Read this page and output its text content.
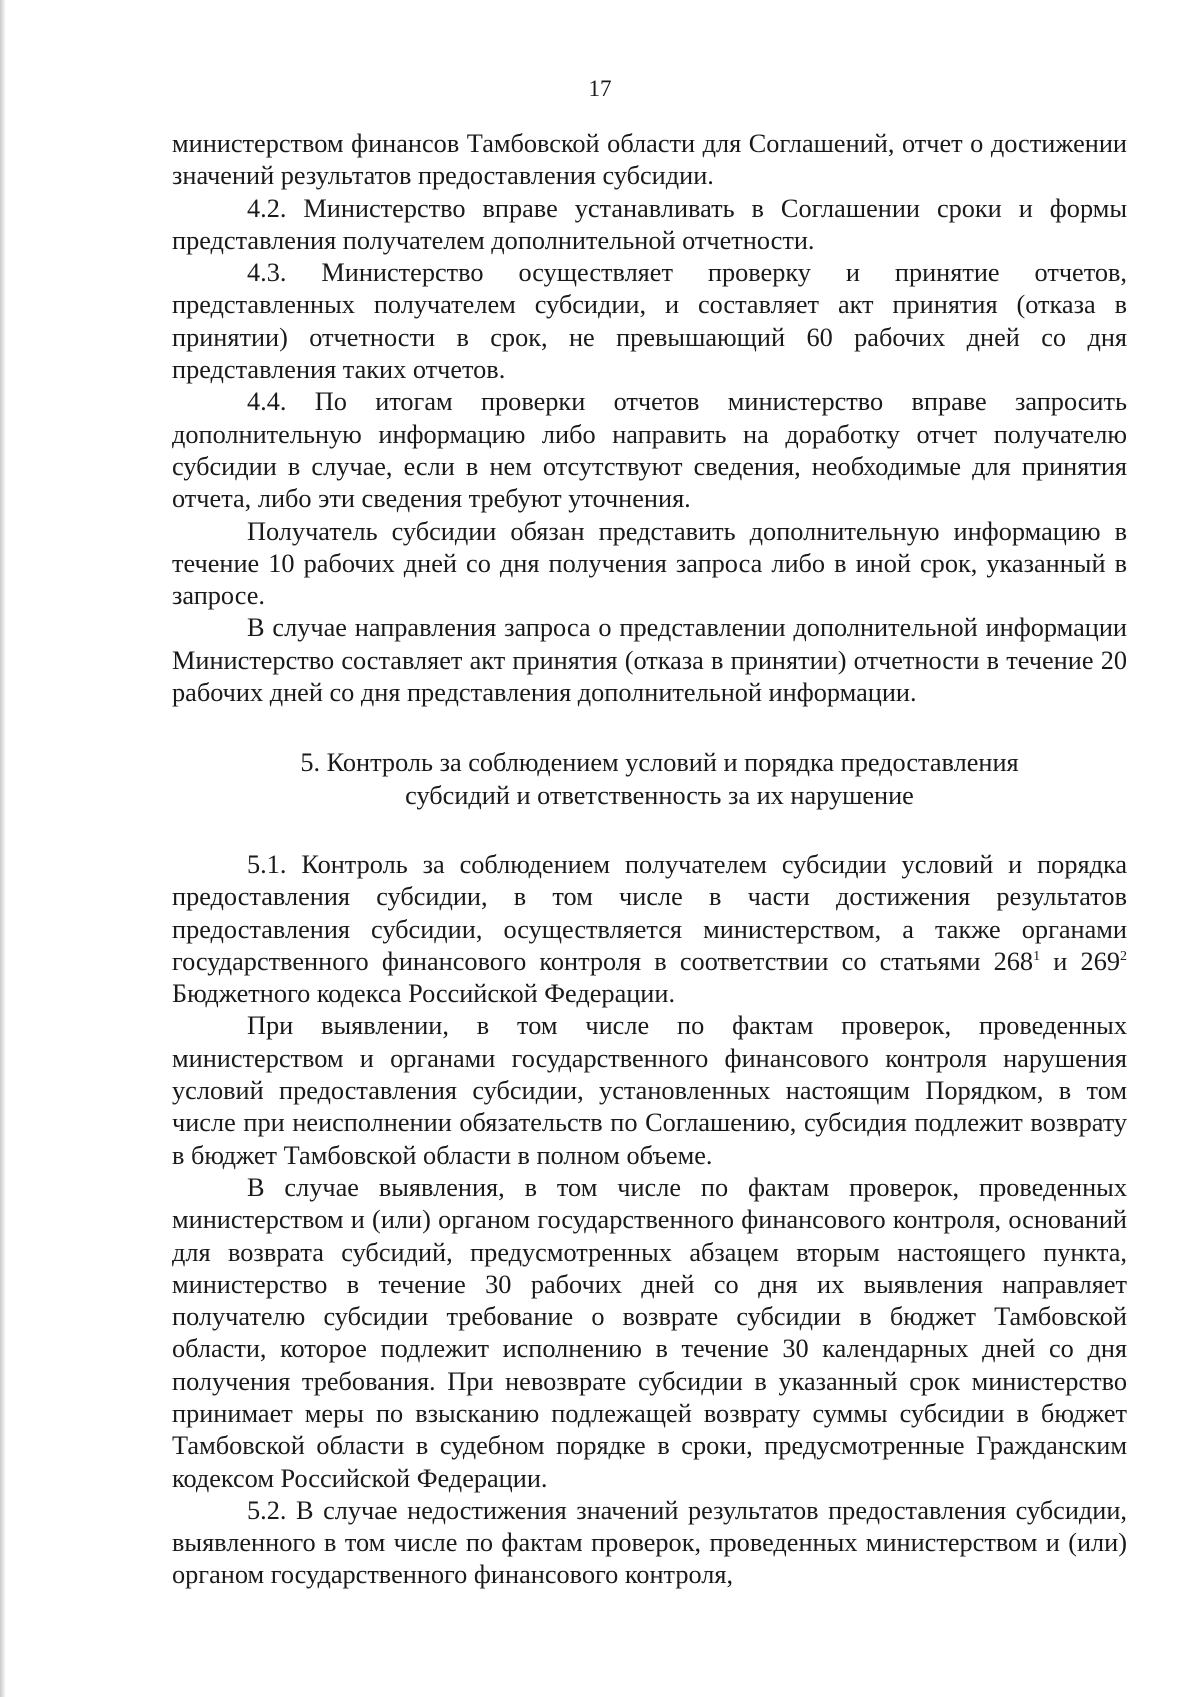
17

министерством финансов Тамбовской области для Соглашений, отчет о достижении значений результатов предоставления субсидии.

4.2. Министерство вправе устанавливать в Соглашении сроки и формы представления получателем дополнительной отчетности.

4.3. Министерство осуществляет проверку и принятие отчетов, представленных получателем субсидии, и составляет акт принятия (отказа в принятии) отчетности в срок, не превышающий 60 рабочих дней со дня представления таких отчетов.

4.4. По итогам проверки отчетов министерство вправе запросить дополнительную информацию либо направить на доработку отчет получателю субсидии в случае, если в нем отсутствуют сведения, необходимые для принятия отчета, либо эти сведения требуют уточнения.

Получатель субсидии обязан представить дополнительную информацию в течение 10 рабочих дней со дня получения запроса либо в иной срок, указанный в запросе.

В случае направления запроса о представлении дополнительной информации Министерство составляет акт принятия (отказа в принятии) отчетности в течение 20 рабочих дней со дня представления дополнительной информации.

5. Контроль за соблюдением условий и порядка предоставления
субсидий и ответственность за их нарушение

5.1. Контроль за соблюдением получателем субсидии условий и порядка предоставления субсидии, в том числе в части достижения результатов предоставления субсидии, осуществляется министерством, а также органами государственного финансового контроля в соответствии со статьями $268^1$ и $269^2$ Бюджетного кодекса Российской Федерации.

При выявлении, в том числе по фактам проверок, проведенных министерством и органами государственного финансового контроля нарушения условий предоставления субсидии, установленных настоящим Порядком, в том числе при неисполнении обязательств по Соглашению, субсидия подлежит возврату в бюджет Тамбовской области в полном объеме.

В случае выявления, в том числе по фактам проверок, проведенных министерством и (или) органом государственного финансового контроля, оснований для возврата субсидий, предусмотренных абзацем вторым настоящего пункта, министерство в течение 30 рабочих дней со дня их выявления направляет получателю субсидии требование о возврате субсидии в бюджет Тамбовской области, которое подлежит исполнению в течение 30 календарных дней со дня получения требования. При невозврате субсидии в указанный срок министерство принимает меры по взысканию подлежащей возврату суммы субсидии в бюджет Тамбовской области в судебном порядке в сроки, предусмотренные Гражданским кодексом Российской Федерации.

5.2. В случае недостижения значений результатов предоставления субсидии, выявленного в том числе по фактам проверок, проведенных министерством и (или) органом государственного финансового контроля,
